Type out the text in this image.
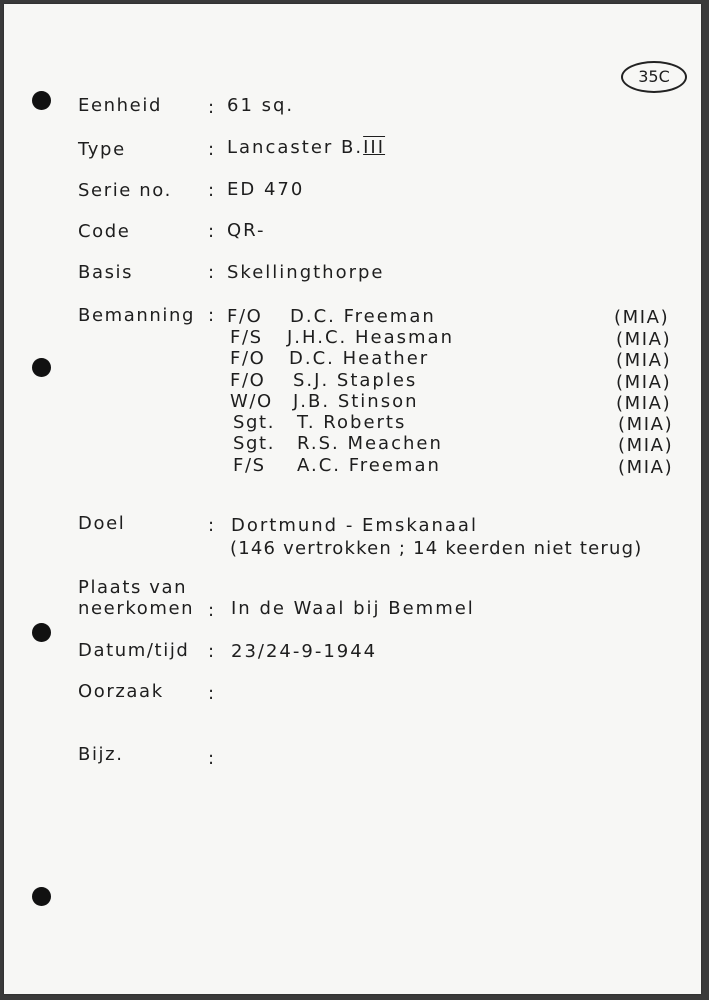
35C
Eenheid	: 61 sq.
Type	: Lancaster B.III
Serie no. : ED 470
Code	: QR-
Basis	: Skellingthorpe
Bemanning : F/O D.C. Freeman	(MIA)
F/S J.H.C. Heasman	(MIA)
F/O D.C. Heather	(MIA)
F/O S.J. Staples	(MIA)
W/O J.B. Stinson	(MIA)
Sgt. T. Roberts	(MIA)
Sgt. R.S. Meachen	(MIA)
F/S A.C. Freeman	(MIA)
Doel	: Dortmund - Emskanaal
(146 vertrokken ; 14 keerden niet terug)
Plaats van
neerkomen : In de Waal bij Bemmel
Datum/tijd : 23/24-9-1944
Oorzaak :
Bijz.	:
